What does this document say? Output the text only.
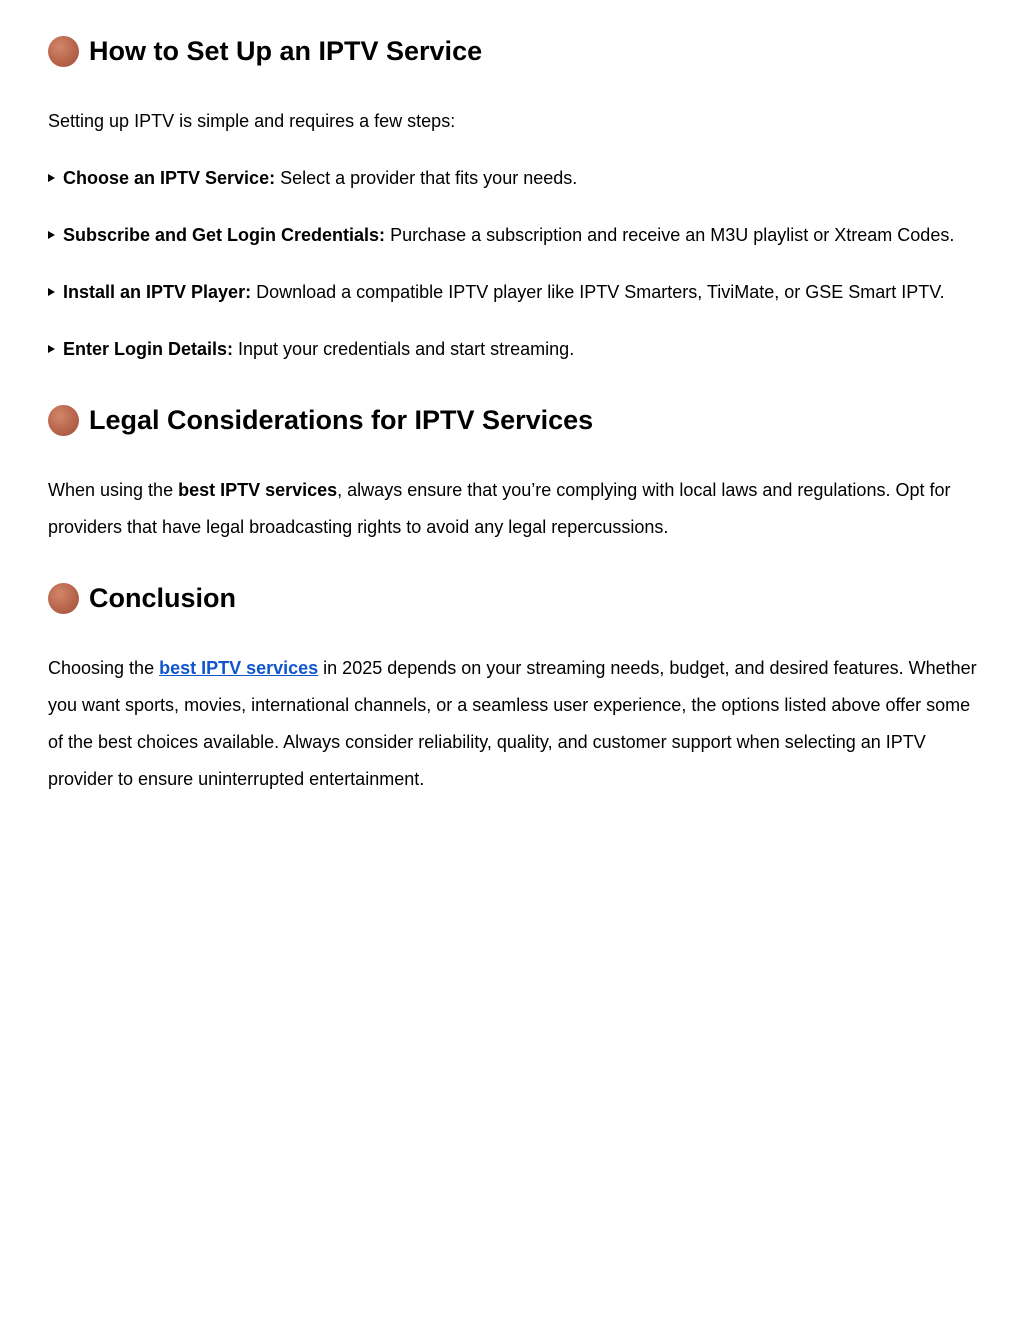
How to Set Up an IPTV Service

Setting up IPTV is simple and requires a few steps:

Choose an IPTV Service: Select a provider that fits your needs.

Subscribe and Get Login Credentials: Purchase a subscription and receive an M3U playlist or Xtream Codes.

Install an IPTV Player: Download a compatible IPTV player like IPTV Smarters, TiviMate, or GSE Smart IPTV.

Enter Login Details: Input your credentials and start streaming.

Legal Considerations for IPTV Services

When using the best IPTV services, always ensure that you’re complying with local laws and regulations. Opt for providers that have legal broadcasting rights to avoid any legal repercussions.

Conclusion

Choosing the best IPTV services in 2025 depends on your streaming needs, budget, and desired features. Whether you want sports, movies, international channels, or a seamless user experience, the options listed above offer some of the best choices available. Always consider reliability, quality, and customer support when selecting an IPTV provider to ensure uninterrupted entertainment.
